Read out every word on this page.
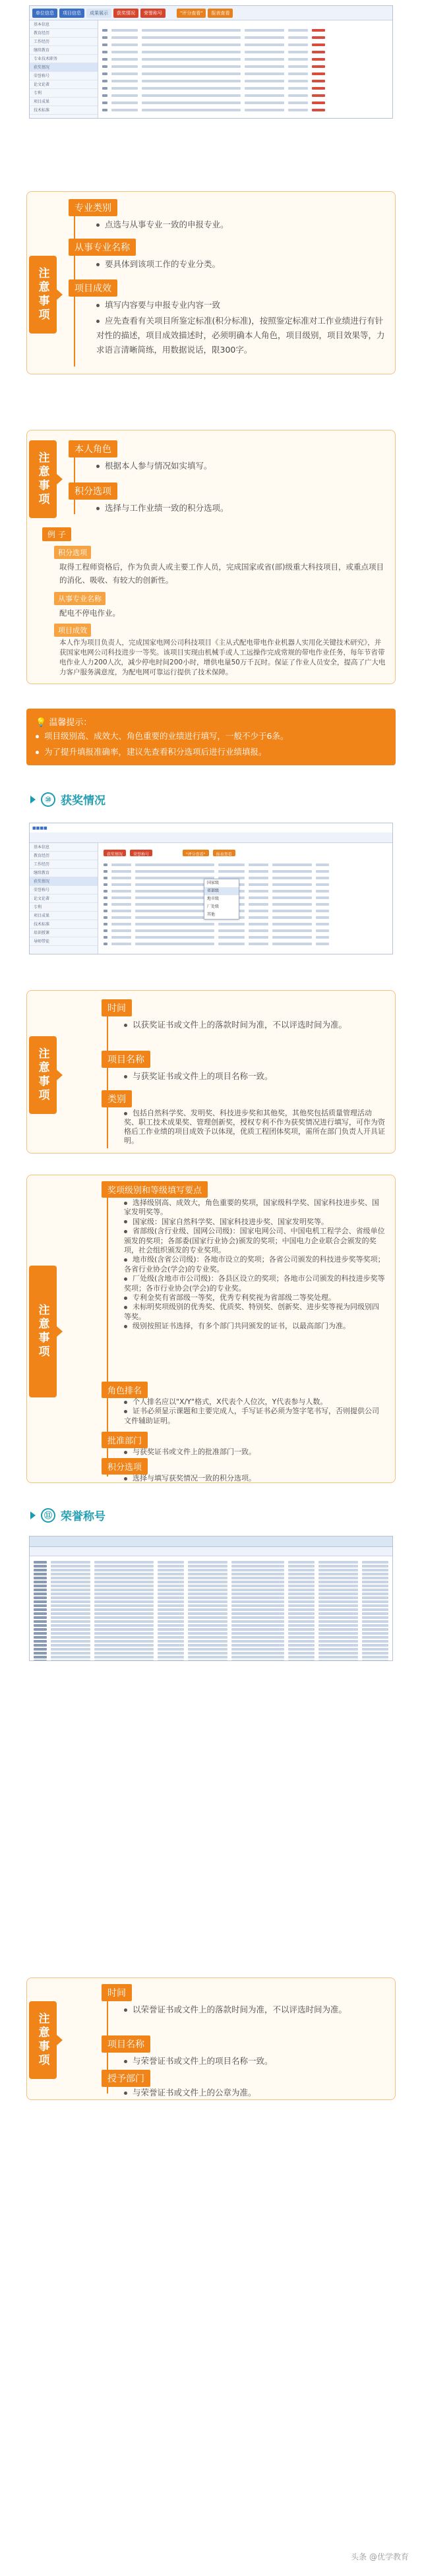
单位信息	项目信息	成果展示	获奖情况	荣誉称号	"评分查看"	报表查看
基本信息
教育经历
工作经历
继续教育
专业技术职务
获奖情况
荣誉称号
论文论著
专利
项目成果
技术标准
注意事项
专业类别
点选与从事专业一致的申报专业。
从事专业名称
要具体到该项工作的专业分类。
项目成效
填写内容要与申报专业内容一致
应先查看有关项目所鉴定标准(积分标准)，按照鉴定标准对工作业绩进行有针对性的描述，项目成效描述时，必须明确本人角色，项目级别，项目效果等，力求语言清晰简练，用数据说话，限300字。
注意事项
本人角色
根据本人参与情况如实填写。
积分选项
选择与工作业绩一致的积分选项。
例 子
积分选项
取得工程师资格后，作为负责人或主要工作人员，完成国家或省(部)级重大科技项目，或重点项目的消化、吸收、有较大的创新性。
从事专业名称
配电不停电作业。
项目成效
本人作为项目负责人，完成国家电网公司科技项目《主从式配电带电作业机器人实用化关键技术研究》，并获国家电网公司科技进步一等奖。该项目实现由机械手或人工远操作完成常规的带电作业任务，每年节省带电作业人力200人次，减少停电时间200小时，增供电量50万千瓦时。保证了作业人员安全，提高了广大电力客户服务满意度，为配电网可靠运行提供了技术保障。
💡 温馨提示：
项目级别高、成效大、角色重要的业绩进行填写，一般不少于6条。
为了提升填报准确率，建议先查看积分选项后进行业绩填报。
⑩ 获奖情况
■■■■
基本信息
教育经历
工作经历
继续教育
获奖情况
荣誉称号
论文论著
专利
项目成果
技术标准
培训授课
导师带徒
获奖情况	荣誉称号	"评分查看"	报表查看
国家级
省部级
地市级
厂处级
其他
注意事项
时间
以获奖证书或文件上的落款时间为准，不以评选时间为准。
项目名称
与获奖证书或文件上的项目名称一致。
类别
包括自然科学奖、发明奖、科技进步奖和其他奖，其他奖包括质量管理活动奖、职工技术成果奖、管理创新奖，授权专利不作为获奖情况进行填写，可作为资格后工作业绩的项目成效予以体现，优质工程团体奖项，需所在部门负责人开具证明。
注意事项
奖项级别和等级填写要点
选择级别高、成效大，角色重要的奖项，国家级科学奖、国家科技进步奖、国家发明奖等。
国家级：国家自然科学奖、国家科技进步奖、国家发明奖等。
省部级(含行业级、国网公司级)：国家电网公司、中国电机工程学会、省级单位颁发的奖项；各部委(国家行业协会)颁发的奖项；中国电力企业联合会颁发的奖项，社会组织颁发的专业奖项。
地市级(含省公司级)：各地市设立的奖项；各省公司颁发的科技进步奖等奖项；各省行业协会(学会)的专业奖。
厂处级(含地市市公司级)：各县区设立的奖项；各地市公司颁发的科技进步奖等奖项；各市行业协会(学会)的专业奖。
专利金奖有省部级一等奖，优秀专利奖视为省部级二等奖处理。
未标明奖项级别的优秀奖、优质奖、特别奖、创新奖、进步奖等视为同级别四等奖。
级别按照证书选择，有多个部门共同颁发的证书，以最高部门为准。
角色排名
个人排名应以"X/Y"格式，X代表个人位次，Y代表参与人数。
证书必须显示课题和主要完成人，手写证书必须为签字笔书写，否则提供公司文件辅助证明。
批准部门
与获奖证书或文件上的批准部门一致。
积分选项
选择与填写获奖情况一致的积分选项。
⑪ 荣誉称号
注意事项
时间
以荣誉证书或文件上的落款时间为准，不以评选时间为准。
项目名称
与荣誉证书或文件上的项目名称一致。
授予部门
与荣誉证书或文件上的公章为准。
头条 @优学教育
